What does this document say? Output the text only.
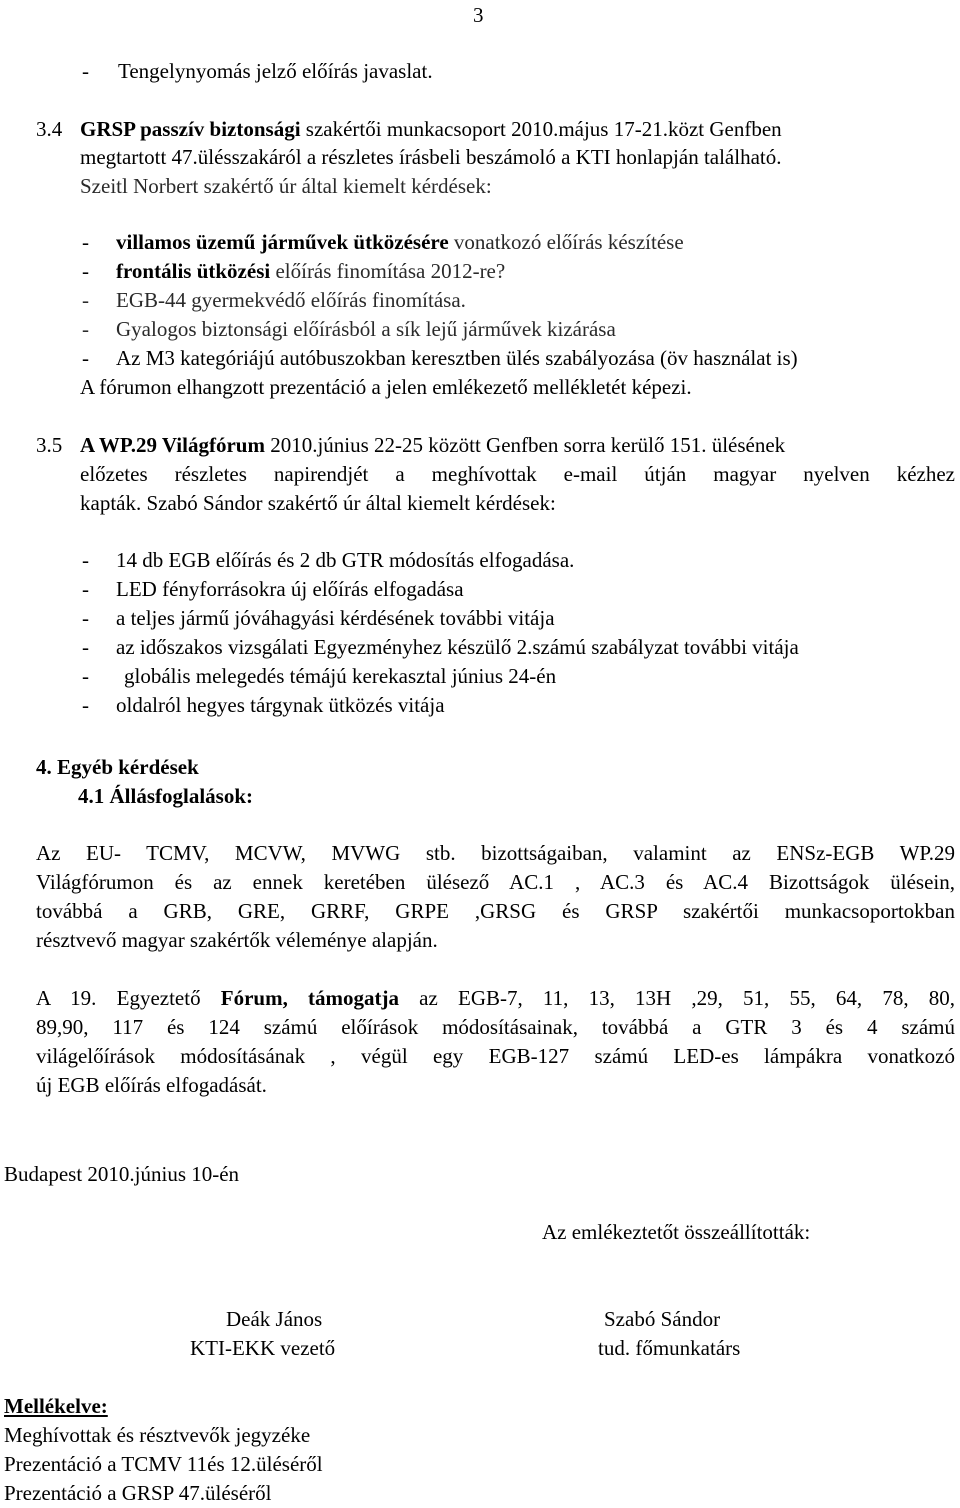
3
- Tengelynyomás jelző előírás javaslat.
3.4 GRSP passzív biztonsági szakértői munkacsoport 2010.május 17-21.közt Genfben
megtartott 47.ülésszakáról a részletes írásbeli beszámoló a KTI honlapján található.
Szeitl Norbert szakértő úr által kiemelt kérdések:
- villamos üzemű járművek ütközésére vonatkozó előírás készítése
- frontális ütközési előírás finomítása 2012-re?
- EGB-44 gyermekvédő előírás finomítása.
- Gyalogos biztonsági előírásból a sík lejű járművek kizárása
- Az M3 kategóriájú autóbuszokban keresztben ülés szabályozása (öv használat is)
A fórumon elhangzott prezentáció a jelen emlékezető mellékletét képezi.
3.5 A WP.29 Világfórum 2010.június 22-25 között Genfben sorra kerülő 151. ülésének
előzetes részletes napirendjét a meghívottak e-mail útján magyar nyelven kézhez
kapták. Szabó Sándor szakértő úr által kiemelt kérdések:
- 14 db EGB előírás és 2 db GTR módosítás elfogadása.
- LED fényforrásokra új előírás elfogadása
- a teljes jármű jóváhagyási kérdésének további vitája
- az időszakos vizsgálati Egyezményhez készülő 2.számú szabályzat további vitája
- globális melegedés témájú kerekasztal június 24-én
- oldalról hegyes tárgynak ütközés vitája
4. Egyéb kérdések
4.1 Állásfoglalások:
Az EU- TCMV, MCVW, MVWG stb. bizottságaiban, valamint az ENSz-EGB WP.29
Világfórumon és az ennek keretében ülésező AC.1 , AC.3 és AC.4 Bizottságok ülésein,
továbbá a GRB, GRE, GRRF, GRPE ,GRSG és GRSP szakértői munkacsoportokban
résztvevő magyar szakértők véleménye alapján.
A 19. Egyeztető Fórum, támogatja az EGB-7, 11, 13, 13H ,29, 51, 55, 64, 78, 80,
89,90, 117 és 124 számú előírások módosításainak, továbbá a GTR 3 és 4 számú
világelőírások módosításának , végül egy EGB-127 számú LED-es lámpákra vonatkozó
új EGB előírás elfogadását.
Budapest 2010.június 10-én
Az emlékeztetőt összeállították:
Deák János
KTI-EKK vezető
Szabó Sándor
tud. főmunkatárs
Mellékelve:
Meghívottak és résztvevők jegyzéke
Prezentáció a TCMV 11és 12.üléséről
Prezentáció a GRSP 47.üléséről
